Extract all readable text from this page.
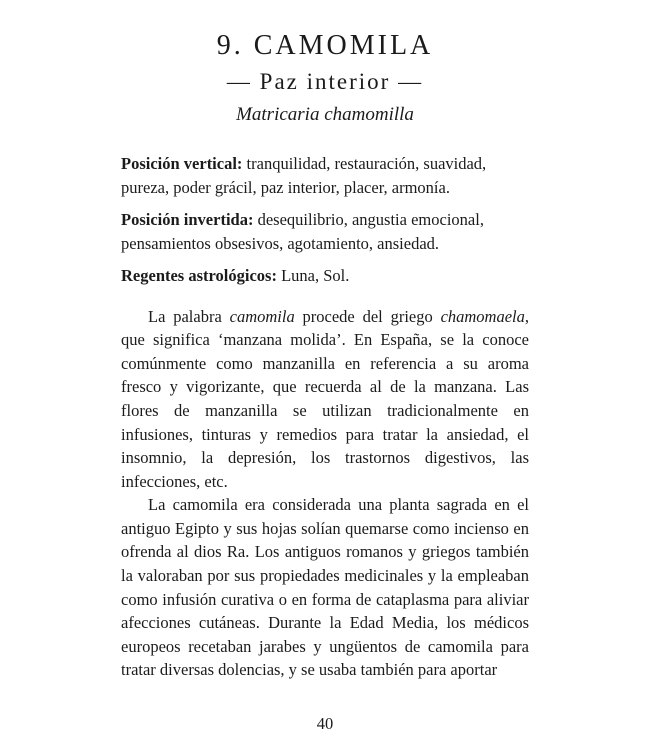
9. CAMOMILA
— Paz interior —
Matricaria chamomilla

Posición vertical: tranquilidad, restauración, suavidad, pureza, poder grácil, paz interior, placer, armonía.

Posición invertida: desequilibrio, angustia emocional, pensamientos obsesivos, agotamiento, ansiedad.

Regentes astrológicos: Luna, Sol.

La palabra camomila procede del griego chamomaela, que significa ‘manzana molida’. En España, se la conoce comúnmente como manzanilla en referencia a su aroma fresco y vigorizante, que recuerda al de la manzana. Las flores de manzanilla se utilizan tradicionalmente en infusiones, tinturas y remedios para tratar la ansiedad, el insomnio, la depresión, los trastornos digestivos, las infecciones, etc.

La camomila era considerada una planta sagrada en el antiguo Egipto y sus hojas solían quemarse como incienso en ofrenda al dios Ra. Los antiguos romanos y griegos también la valoraban por sus propiedades medicinales y la empleaban como infusión curativa o en forma de cataplasma para aliviar afecciones cutáneas. Durante la Edad Media, los médicos europeos recetaban jarabes y ungüentos de camomila para tratar diversas dolencias, y se usaba también para aportar

40
